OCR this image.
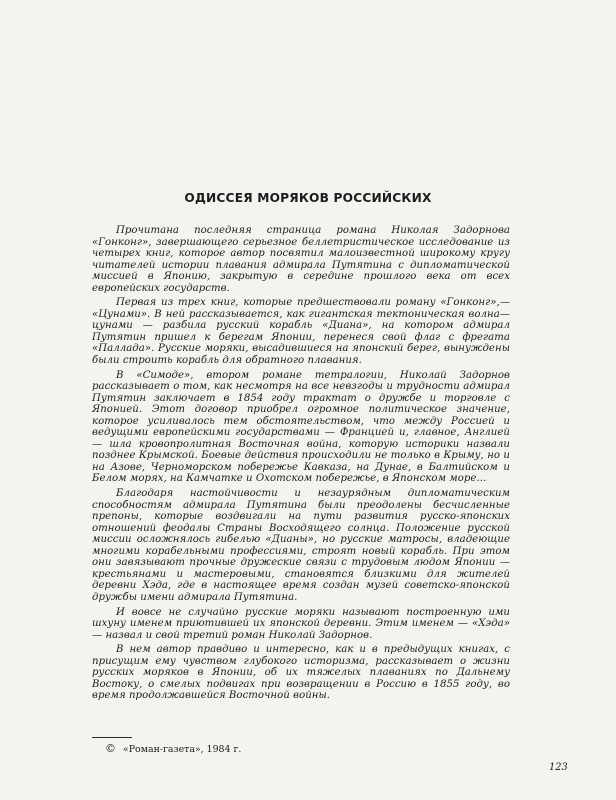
ОДИССЕЯ МОРЯКОВ РОССИЙСКИХ

Прочитана последняя страница романа Николая Задорнова «Гонконг», завершающего серьезное беллетристическое исследование из четырех книг, которое автор посвятил малоизвестной широкому кругу читателей истории плавания адмирала Путятина с дипломатической миссией в Японию, закрытую в середине прошлого века от всех европейских государств.

Первая из трех книг, которые предшествовали роману «Гонконг»,— «Цунами». В ней рассказывается, как гигантская тектоническая волна— цунами — разбила русский корабль «Диана», на котором адмирал Путятин пришел к берегам Японии, перенеся свой флаг с фрегата «Паллада». Русские моряки, высадившиеся на японский берег, вынуждены были строить корабль для обратного плавания.

В «Симоде», втором романе тетралогии, Николай Задорнов рассказывает о том, как несмотря на все невзгоды и трудности адмирал Путятин заключает в 1854 году трактат о дружбе и торговле с Японией. Этот договор приобрел огромное политическое значение, которое усиливалось тем обстоятельством, что между Россией и ведущими европейскими государствами — Францией и, главное, Англией — шла кровопролитная Восточная война, которую историки назвали позднее Крымской. Боевые действия происходили не только в Крыму, но и на Азове, Черноморском побережье Кавказа, на Дунае, в Балтийском и Белом морях, на Камчатке и Охотском побережье, в Японском море...

Благодаря настойчивости и незаурядным дипломатическим способностям адмирала Путятина были преодолены бесчисленные препоны, которые воздвигали на пути развития русско-японских отношений феодалы Страны Восходящего солнца. Положение русской миссии осложнялось гибелью «Дианы», но русские матросы, владеющие многими корабельными профессиями, строят новый корабль. При этом они завязывают прочные дружеские связи с трудовым людом Японии — крестьянами и мастеровыми, становятся близкими для жителей деревни Хэда, где в настоящее время создан музей советско-японской дружбы имени адмирала Путятина.

И вовсе не случайно русские моряки называют построенную ими шхуну именем приютившей их японской деревни. Этим именем — «Хэда» — назвал и свой третий роман Николай Задорнов.

В нем автор правдиво и интересно, как и в предыдущих книгах, с присущим ему чувством глубокого историзма, рассказывает о жизни русских моряков в Японии, об их тяжелых плаваниях по Дальнему Востоку, о смелых подвигах при возвращении в Россию в 1855 году, во время продолжавшейся Восточной войны.

© «Роман-газета», 1984 г.
123
